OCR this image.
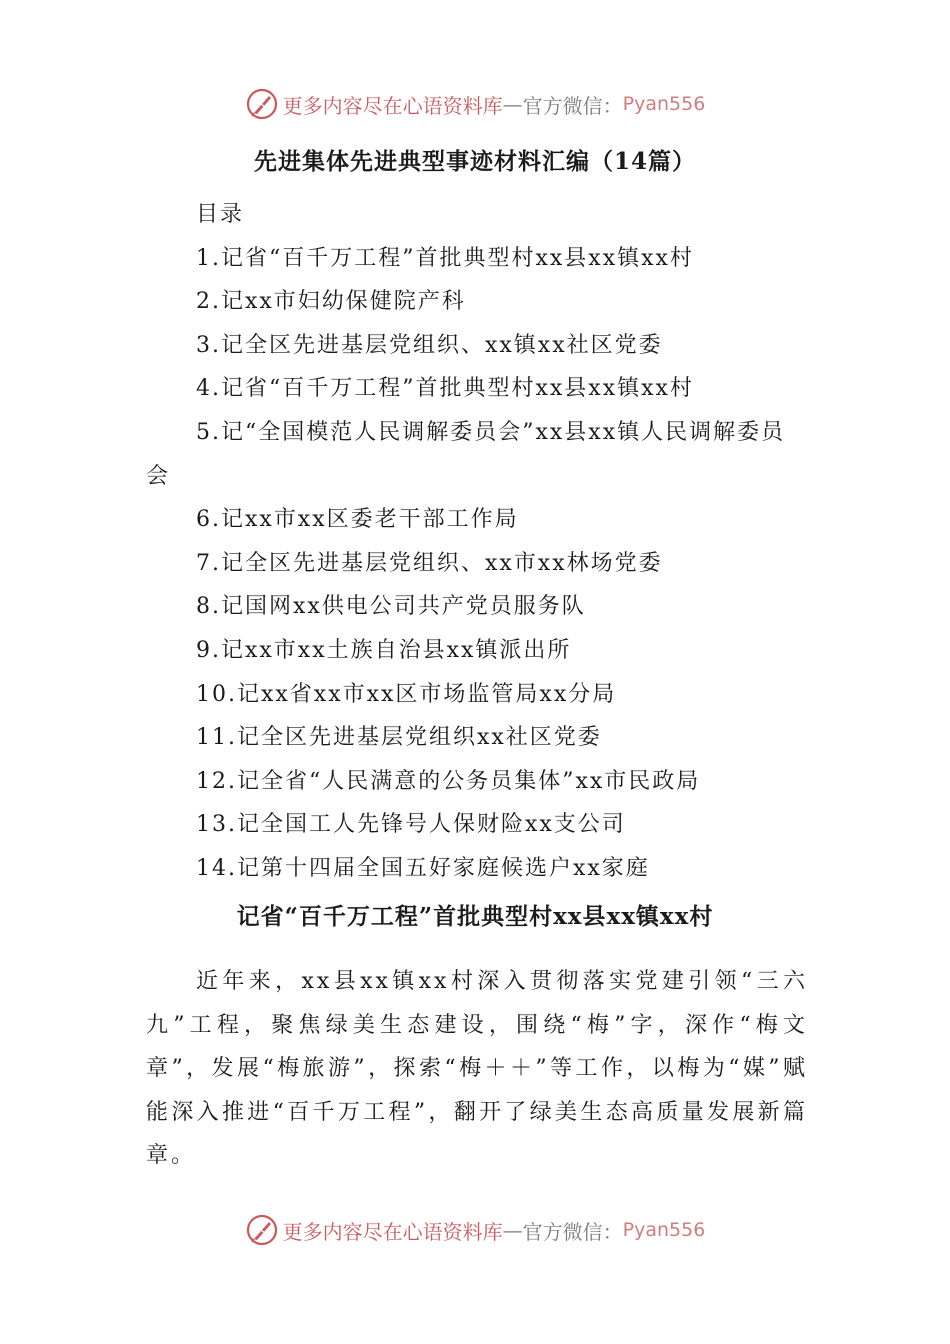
更多内容尽在心语资料库 — 官方微信： Pyan556
先进集体先进典型事迹材料汇编（14篇）

目录

1.记省“百千万工程”首批典型村xx县xx镇xx村

2.记xx市妇幼保健院产科

3.记全区先进基层党组织、xx镇xx社区党委

4.记省“百千万工程”首批典型村xx县xx镇xx村

5.记“全国模范人民调解委员会”xx县xx镇人民调解委员会

6.记xx市xx区委老干部工作局

7.记全区先进基层党组织、xx市xx林场党委

8.记国网xx供电公司共产党员服务队

9.记xx市xx土族自治县xx镇派出所

10.记xx省xx市xx区市场监管局xx分局

11.记全区先进基层党组织xx社区党委

12.记全省“人民满意的公务员集体”xx市民政局

13.记全国工人先锋号人保财险xx支公司

14.记第十四届全国五好家庭候选户xx家庭

记省“百千万工程”首批典型村xx县xx镇xx村

近年来，xx县xx镇xx村深入贯彻落实党建引领“三六九”工程，聚焦绿美生态建设，围绕“梅”字，深作“梅文章”，发展“梅旅游”，探索“梅＋＋”等工作，以梅为“媒”赋能深入推进“百千万工程”，翻开了绿美生态高质量发展新篇章。

更多内容尽在心语资料库 — 官方微信： Pyan556
